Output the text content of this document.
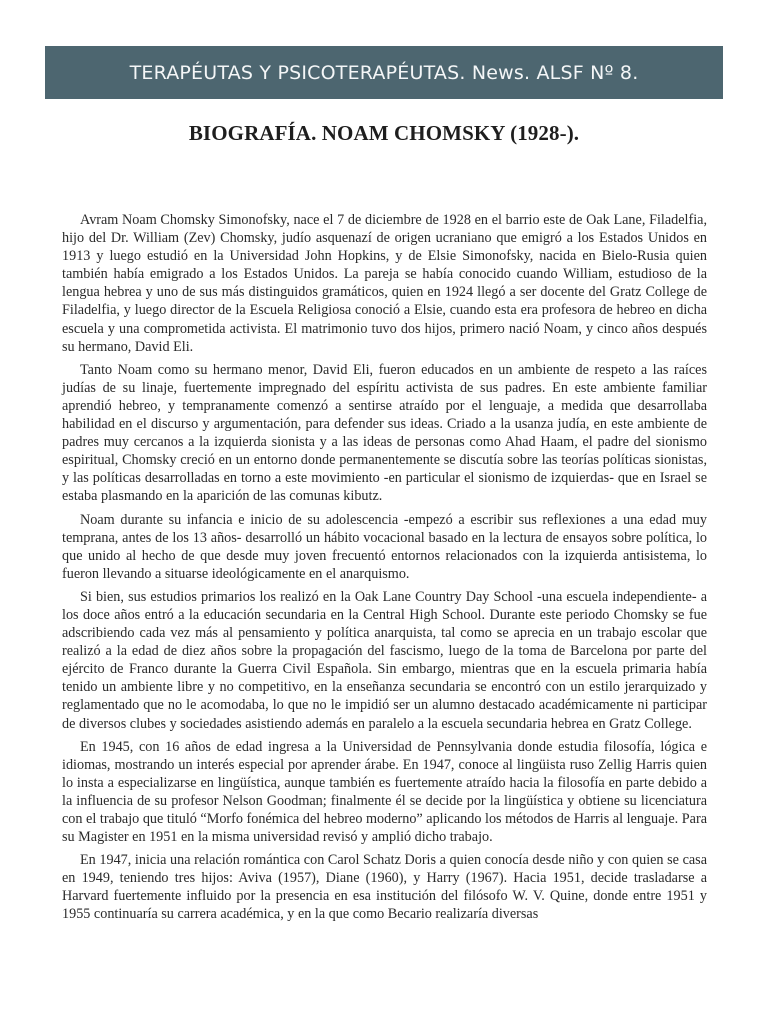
TERAPÉUTAS Y PSICOTERAPÉUTAS. News. ALSF Nº 8.
BIOGRAFÍA. NOAM CHOMSKY (1928-).

Avram Noam Chomsky Simonofsky, nace el 7 de diciembre de 1928 en el barrio este de Oak Lane, Filadelfia, hijo del Dr. William (Zev) Chomsky, judío asquenazí de origen ucraniano que emigró a los Estados Unidos en 1913 y luego estudió en la Universidad John Hopkins, y de Elsie Simonofsky, nacida en Bielo-Rusia quien también había emigrado a los Estados Unidos. La pareja se había conocido cuando William, estudioso de la lengua hebrea y uno de sus más distinguidos gramáticos, quien en 1924 llegó a ser docente del Gratz College de Filadelfia, y luego director de la Escuela Religiosa conoció a Elsie, cuando esta era profesora de hebreo en dicha escuela y una comprometida activista. El matrimonio tuvo dos hijos, primero nació Noam, y cinco años después su hermano, David Eli.

Tanto Noam como su hermano menor, David Eli, fueron educados en un ambiente de respeto a las raíces judías de su linaje, fuertemente impregnado del espíritu activista de sus padres. En este ambiente familiar aprendió hebreo, y tempranamente comenzó a sentirse atraído por el lenguaje, a medida que desarrollaba habilidad en el discurso y argumentación, para defender sus ideas. Criado a la usanza judía, en este ambiente de padres muy cercanos a la izquierda sionista y a las ideas de personas como Ahad Haam, el padre del sionismo espiritual, Chomsky creció en un entorno donde permanentemente se discutía sobre las teorías políticas sionistas, y las políticas desarrolladas en torno a este movimiento -en particular el sionismo de izquierdas- que en Israel se estaba plasmando en la aparición de las comunas kibutz.

Noam durante su infancia e inicio de su adolescencia -empezó a escribir sus reflexiones a una edad muy temprana, antes de los 13 años- desarrolló un hábito vocacional basado en la lectura de ensayos sobre política, lo que unido al hecho de que desde muy joven frecuentó entornos relacionados con la izquierda antisistema, lo fueron llevando a situarse ideológicamente en el anarquismo.

Si bien, sus estudios primarios los realizó en la Oak Lane Country Day School -una escuela independiente- a los doce años entró a la educación secundaria en la Central High School. Durante este periodo Chomsky se fue adscribiendo cada vez más al pensamiento y política anarquista, tal como se aprecia en un trabajo escolar que realizó a la edad de diez años sobre la propagación del fascismo, luego de la toma de Barcelona por parte del ejército de Franco durante la Guerra Civil Española. Sin embargo, mientras que en la escuela primaria había tenido un ambiente libre y no competitivo, en la enseñanza secundaria se encontró con un estilo jerarquizado y reglamentado que no le acomodaba, lo que no le impidió ser un alumno destacado académicamente ni participar de diversos clubes y sociedades asistiendo además en paralelo a la escuela secundaria hebrea en Gratz College.

En 1945, con 16 años de edad ingresa a la Universidad de Pennsylvania donde estudia filosofía, lógica e idiomas, mostrando un interés especial por aprender árabe. En 1947, conoce al lingüista ruso Zellig Harris quien lo insta a especializarse en lingüística, aunque también es fuertemente atraído hacia la filosofía en parte debido a la influencia de su profesor Nelson Goodman; finalmente él se decide por la lingüística y obtiene su licenciatura con el trabajo que tituló “Morfo fonémica del hebreo moderno” aplicando los métodos de Harris al lenguaje. Para su Magister en 1951 en la misma universidad revisó y amplió dicho trabajo.

En 1947, inicia una relación romántica con Carol Schatz Doris a quien conocía desde niño y con quien se casa en 1949, teniendo tres hijos: Aviva (1957), Diane (1960), y Harry (1967). Hacia 1951, decide trasladarse a Harvard fuertemente influido por la presencia en esa institución del filósofo W. V. Quine, donde entre 1951 y 1955 continuaría su carrera académica, y en la que como Becario realizaría diversas
